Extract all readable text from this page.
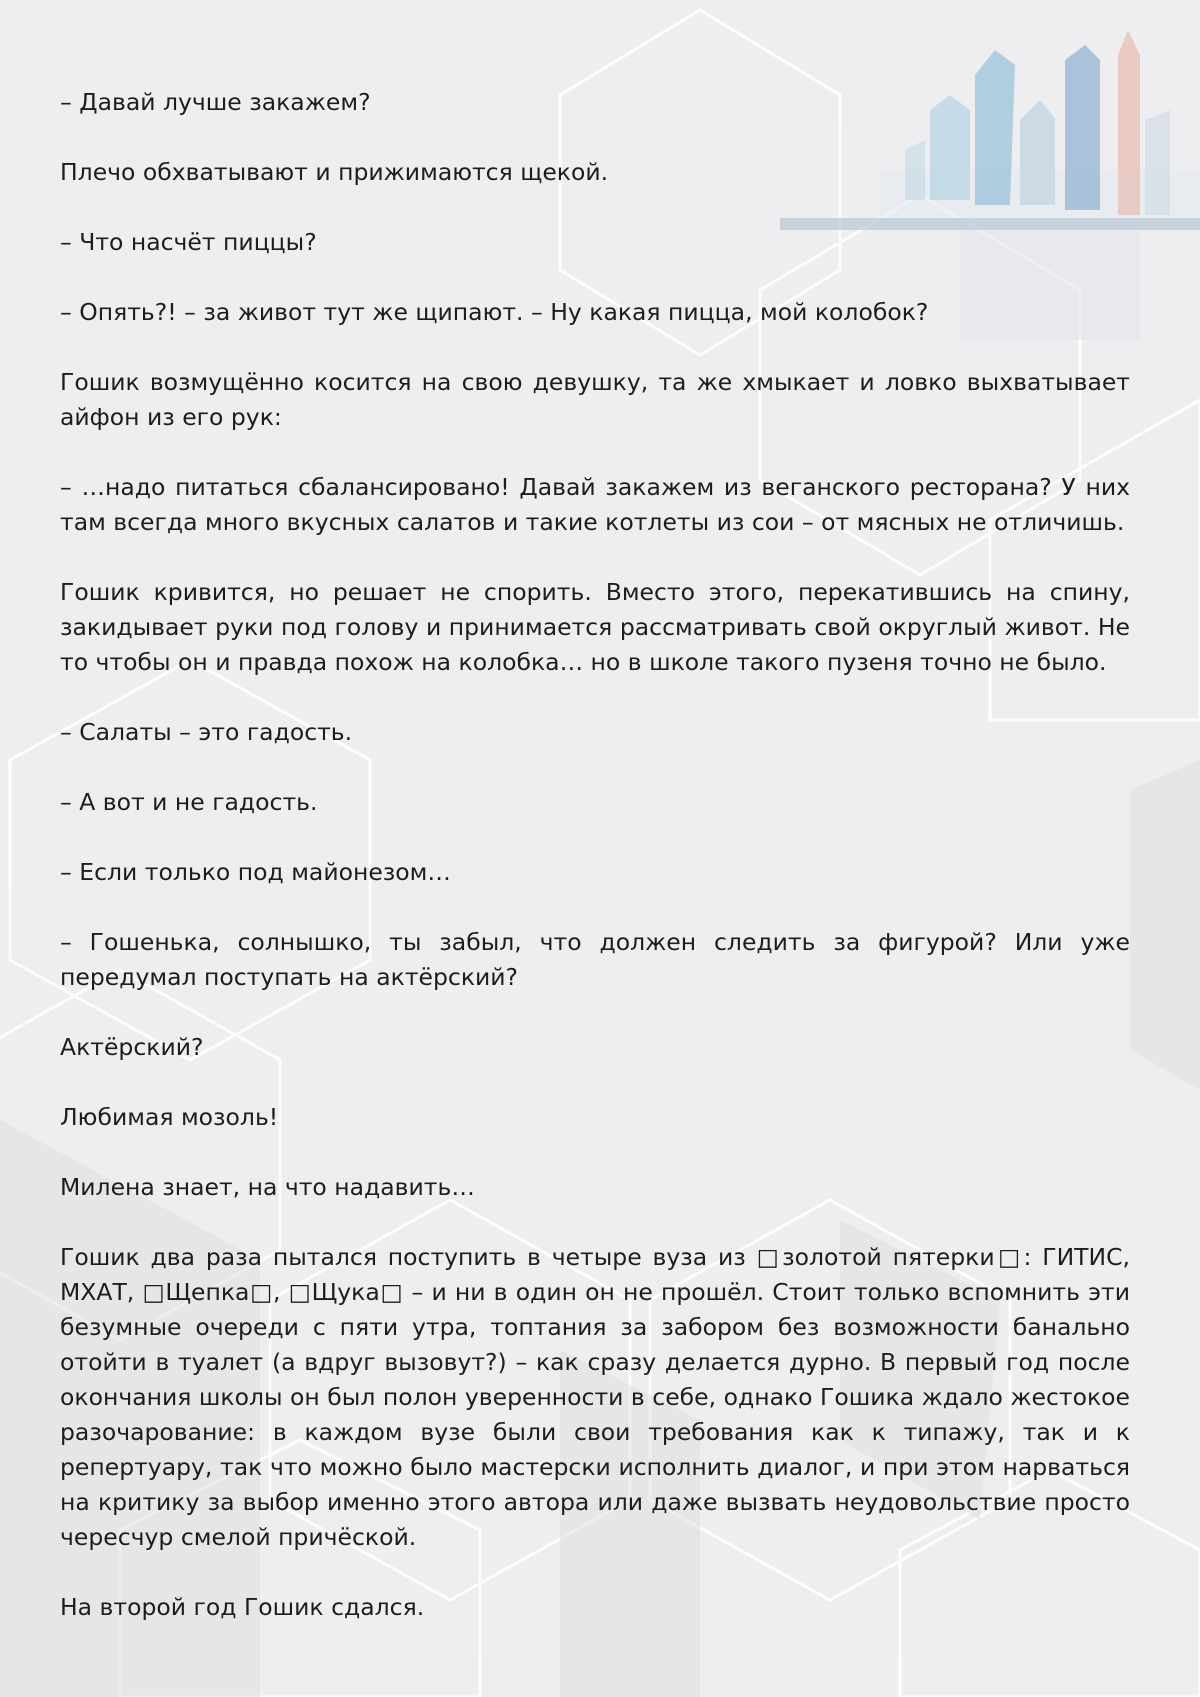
– Давай лучше закажем?

Плечо обхватывают и прижимаются щекой.

– Что насчёт пиццы?

– Опять?! – за живот тут же щипают. – Ну какая пицца, мой колобок?

Гошик возмущённо косится на свою девушку, та же хмыкает и ловко выхватывает айфон из его рук:

– …надо питаться сбалансировано! Давай закажем из веганского ресторана? У них там всегда много вкусных салатов и такие котлеты из сои – от мясных не отличишь.

Гошик кривится, но решает не спорить. Вместо этого, перекатившись на спину, закидывает руки под голову и принимается рассматривать свой округлый живот. Не то чтобы он и правда похож на колобка… но в школе такого пузеня точно не было.

– Салаты – это гадость.

– А вот и не гадость.

– Если только под майонезом…

– Гошенька, солнышко, ты забыл, что должен следить за фигурой? Или уже передумал поступать на актёрский?

Актёрский?

Любимая мозоль!

Милена знает, на что надавить…

Гошик два раза пытался поступить в четыре вуза из □золотой пятерки□: ГИТИС, МХАТ, □Щепка□, □Щука□ – и ни в один он не прошёл. Стоит только вспомнить эти безумные очереди с пяти утра, топтания за забором без возможности банально отойти в туалет (а вдруг вызовут?) – как сразу делается дурно. В первый год после окончания школы он был полон уверенности в себе, однако Гошика ждало жестокое разочарование: в каждом вузе были свои требования как к типажу, так и к репертуару, так что можно было мастерски исполнить диалог, и при этом нарваться на критику за выбор именно этого автора или даже вызвать неудовольствие просто чересчур смелой причёской.

На второй год Гошик сдался.
